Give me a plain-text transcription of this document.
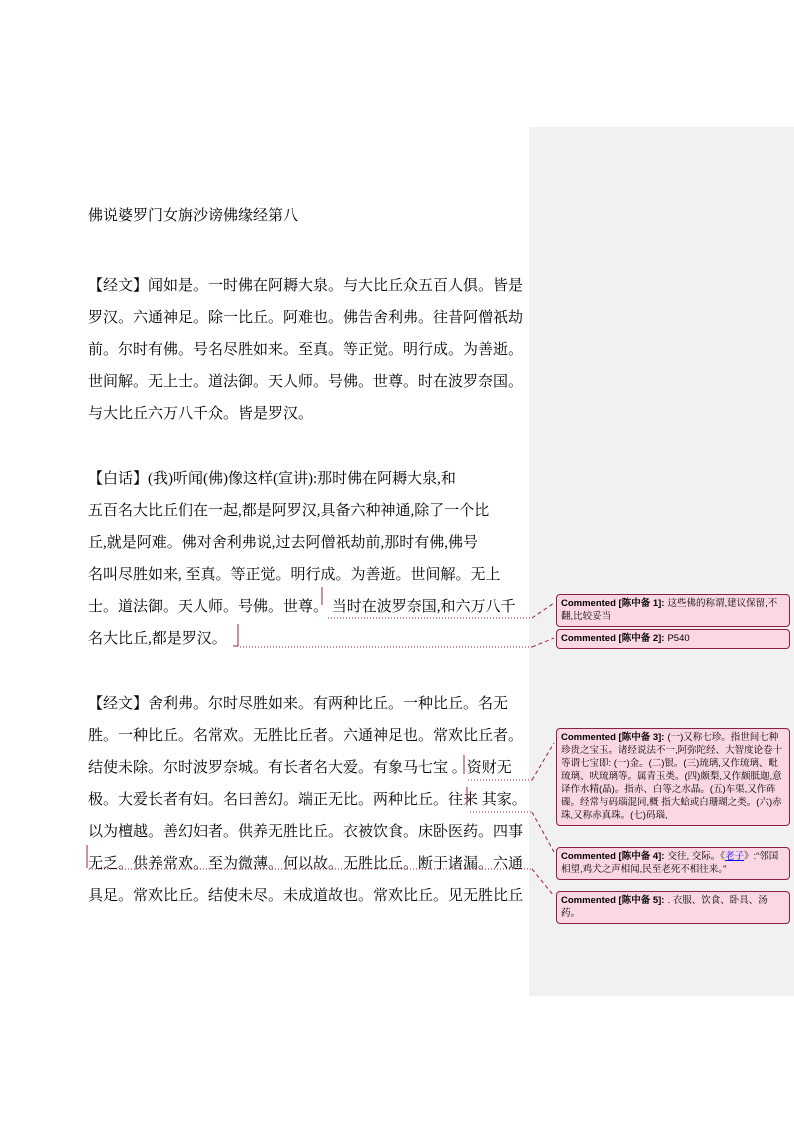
佛说婆罗门女旃沙谤佛缘经第八
【经文】闻如是。一时佛在阿耨大泉。与大比丘众五百人俱。皆是
罗汉。六通神足。除一比丘。阿难也。佛告舍利弗。往昔阿僧祇劫
前。尔时有佛。号名尽胜如来。至真。等正觉。明行成。为善逝。
世间解。无上士。道法御。天人师。号佛。世尊。时在波罗奈国。
与大比丘六万八千众。皆是罗汉。
【白话】(我)听闻(佛)像这样(宣讲):那时佛在阿耨大泉,和
五百名大比丘们在一起,都是阿罗汉,具备六种神通,除了一个比
丘,就是阿难。佛对舍利弗说,过去阿僧祇劫前,那时有佛,佛号
名叫尽胜如来, 至真。等正觉。明行成。为善逝。世间解。无上
士。道法御。天人师。号佛。世尊。 当时在波罗奈国,和六万八千
名大比丘,都是罗汉。
【经文】舍利弗。尔时尽胜如来。有两种比丘。一种比丘。名无
胜。一种比丘。名常欢。无胜比丘者。六通神足也。常欢比丘者。
结使未除。尔时波罗奈城。有长者名大爱。有象马七宝 。资财无
极。大爱长者有妇。名曰善幻。端正无比。两种比丘。往来 其家。
以为檀越。善幻妇者。供养无胜比丘。衣被饮食。床卧医药。四事
无乏。供养常欢。至为微薄。何以故。无胜比丘。断于诸漏。六通
具足。常欢比丘。结使未尽。未成道故也。常欢比丘。见无胜比丘
Commented [陈中备 1]: 这些佛的称谓,建议保留,不翻,比较妥当
Commented [陈中备 2]: P540
Commented [陈中备 3]: (一)又称七珍。指世间七种珍贵之宝玉。诸经说法不一,阿弥陀经、大智度论卷十等谓七宝即: (一)金。(二)银。(三)琉璃,又作琉璃、毗琉璃、吠琉璃等。属青玉类。(四)颇梨,又作颇胝迦,意译作水精(晶)。指赤、白等之水晶。(五)车渠,又作砗磲。经常与码瑙混同,概 指大蛤或白珊瑚之类。(六)赤珠,又称赤真珠。(七)码瑙,
Commented [陈中备 4]: 交往, 交际。《老子》:“邻国相望,鸡犬之声相闻,民至老死不相往来。”
Commented [陈中备 5]: . 衣服、饮食、卧具、汤药。
